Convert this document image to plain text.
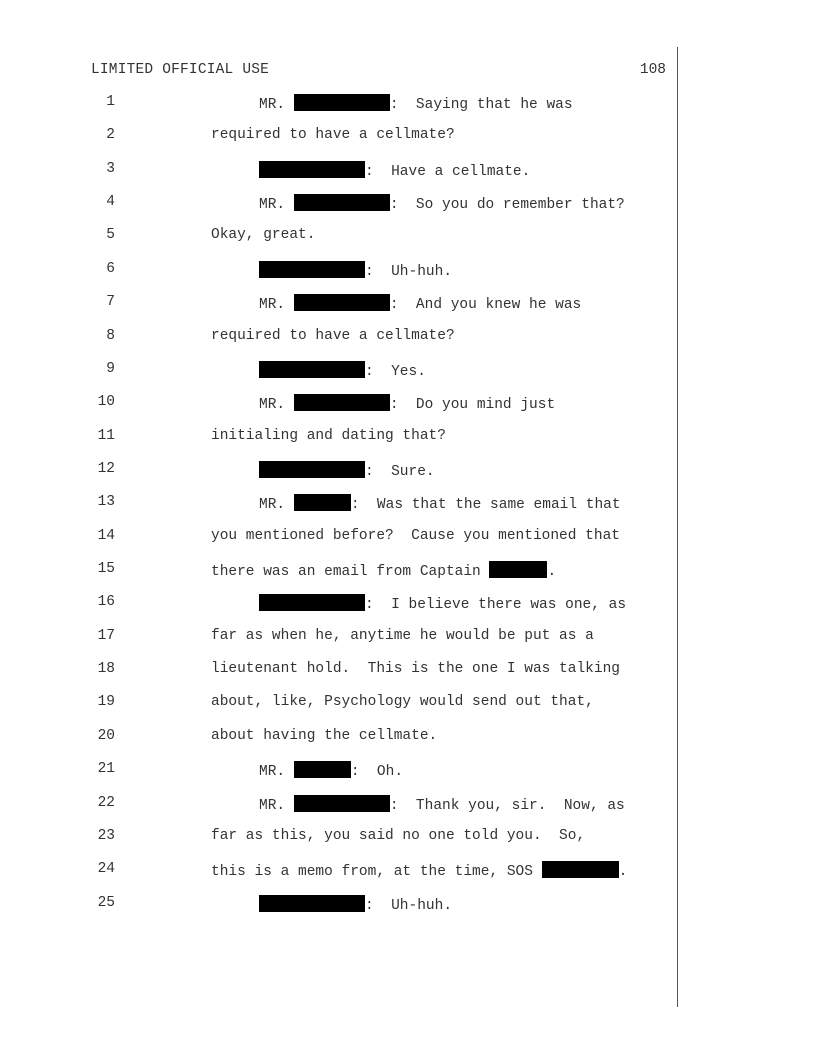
LIMITED OFFICIAL USE	108
1	MR.	:  Saying that he was
2	required to have a cellmate?
3	:  Have a cellmate.
4	MR.	:  So you do remember that?
5	Okay, great.
6	:  Uh-huh.
7	MR.	:  And you knew he was
8	required to have a cellmate?
9	:  Yes.
10	MR.	:  Do you mind just
11	initialing and dating that?
12	:  Sure.
13	MR.	:  Was that the same email that
14	you mentioned before?  Cause you mentioned that
15	there was an email from Captain	.
16	:  I believe there was one, as
17	far as when he, anytime he would be put as a
18	lieutenant hold.  This is the one I was talking
19	about, like, Psychology would send out that,
20	about having the cellmate.
21	MR.	:  Oh.
22	MR.	:  Thank you, sir.  Now, as
23	far as this, you said no one told you.  So,
24	this is a memo from, at the time, SOS	.
25	:  Uh-huh.
